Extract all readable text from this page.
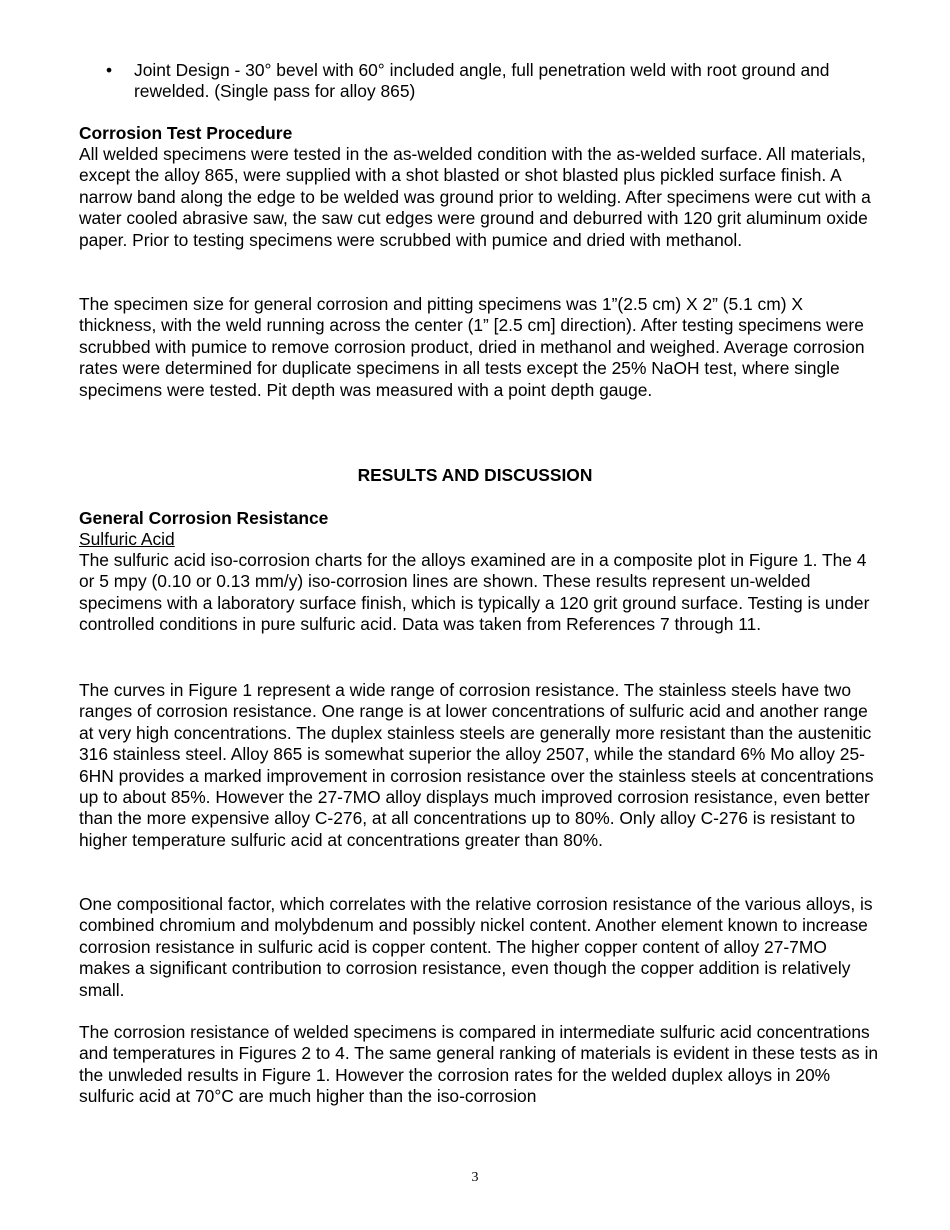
•	Joint Design - 30° bevel with 60° included angle, full penetration weld with root ground and rewelded. (Single pass for alloy 865)

Corrosion Test Procedure

All welded specimens were tested in the as-welded condition with the as-welded surface. All materials, except the alloy 865, were supplied with a shot blasted or shot blasted plus pickled surface finish. A narrow band along the edge to be welded was ground prior to welding. After specimens were cut with a water cooled abrasive saw, the saw cut edges were ground and deburred with 120 grit aluminum oxide paper. Prior to testing specimens were scrubbed with pumice and dried with methanol.

The specimen size for general corrosion and pitting specimens was 1”(2.5 cm) X 2” (5.1 cm) X thickness, with the weld running across the center (1” [2.5 cm] direction). After testing specimens were scrubbed with pumice to remove corrosion product, dried in methanol and weighed. Average corrosion rates were determined for duplicate specimens in all tests except the 25% NaOH test, where single specimens were tested. Pit depth was measured with a point depth gauge.

RESULTS AND DISCUSSION

General Corrosion Resistance

Sulfuric Acid

The sulfuric acid iso-corrosion charts for the alloys examined are in a composite plot in Figure 1. The 4 or 5 mpy (0.10 or 0.13 mm/y) iso-corrosion lines are shown. These results represent un-welded specimens with a laboratory surface finish, which is typically a 120 grit ground surface. Testing is under controlled conditions in pure sulfuric acid. Data was taken from References 7 through 11.

The curves in Figure 1 represent a wide range of corrosion resistance. The stainless steels have two ranges of corrosion resistance. One range is at lower concentrations of sulfuric acid and another range at very high concentrations. The duplex stainless steels are generally more resistant than the austenitic 316 stainless steel. Alloy 865 is somewhat superior the alloy 2507, while the standard 6% Mo alloy 25-6HN provides a marked improvement in corrosion resistance over the stainless steels at concentrations up to about 85%. However the 27-7MO alloy displays much improved corrosion resistance, even better than the more expensive alloy C-276, at all concentrations up to 80%. Only alloy C-276 is resistant to higher temperature sulfuric acid at concentrations greater than 80%.

One compositional factor, which correlates with the relative corrosion resistance of the various alloys, is combined chromium and molybdenum and possibly nickel content. Another element known to increase corrosion resistance in sulfuric acid is copper content. The higher copper content of alloy 27-7MO makes a significant contribution to corrosion resistance, even though the copper addition is relatively small.

The corrosion resistance of welded specimens is compared in intermediate sulfuric acid concentrations and temperatures in Figures 2 to 4. The same general ranking of materials is evident in these tests as in the unwleded results in Figure 1. However the corrosion rates for the welded duplex alloys in 20% sulfuric acid at 70°C are much higher than the iso-corrosion

3
